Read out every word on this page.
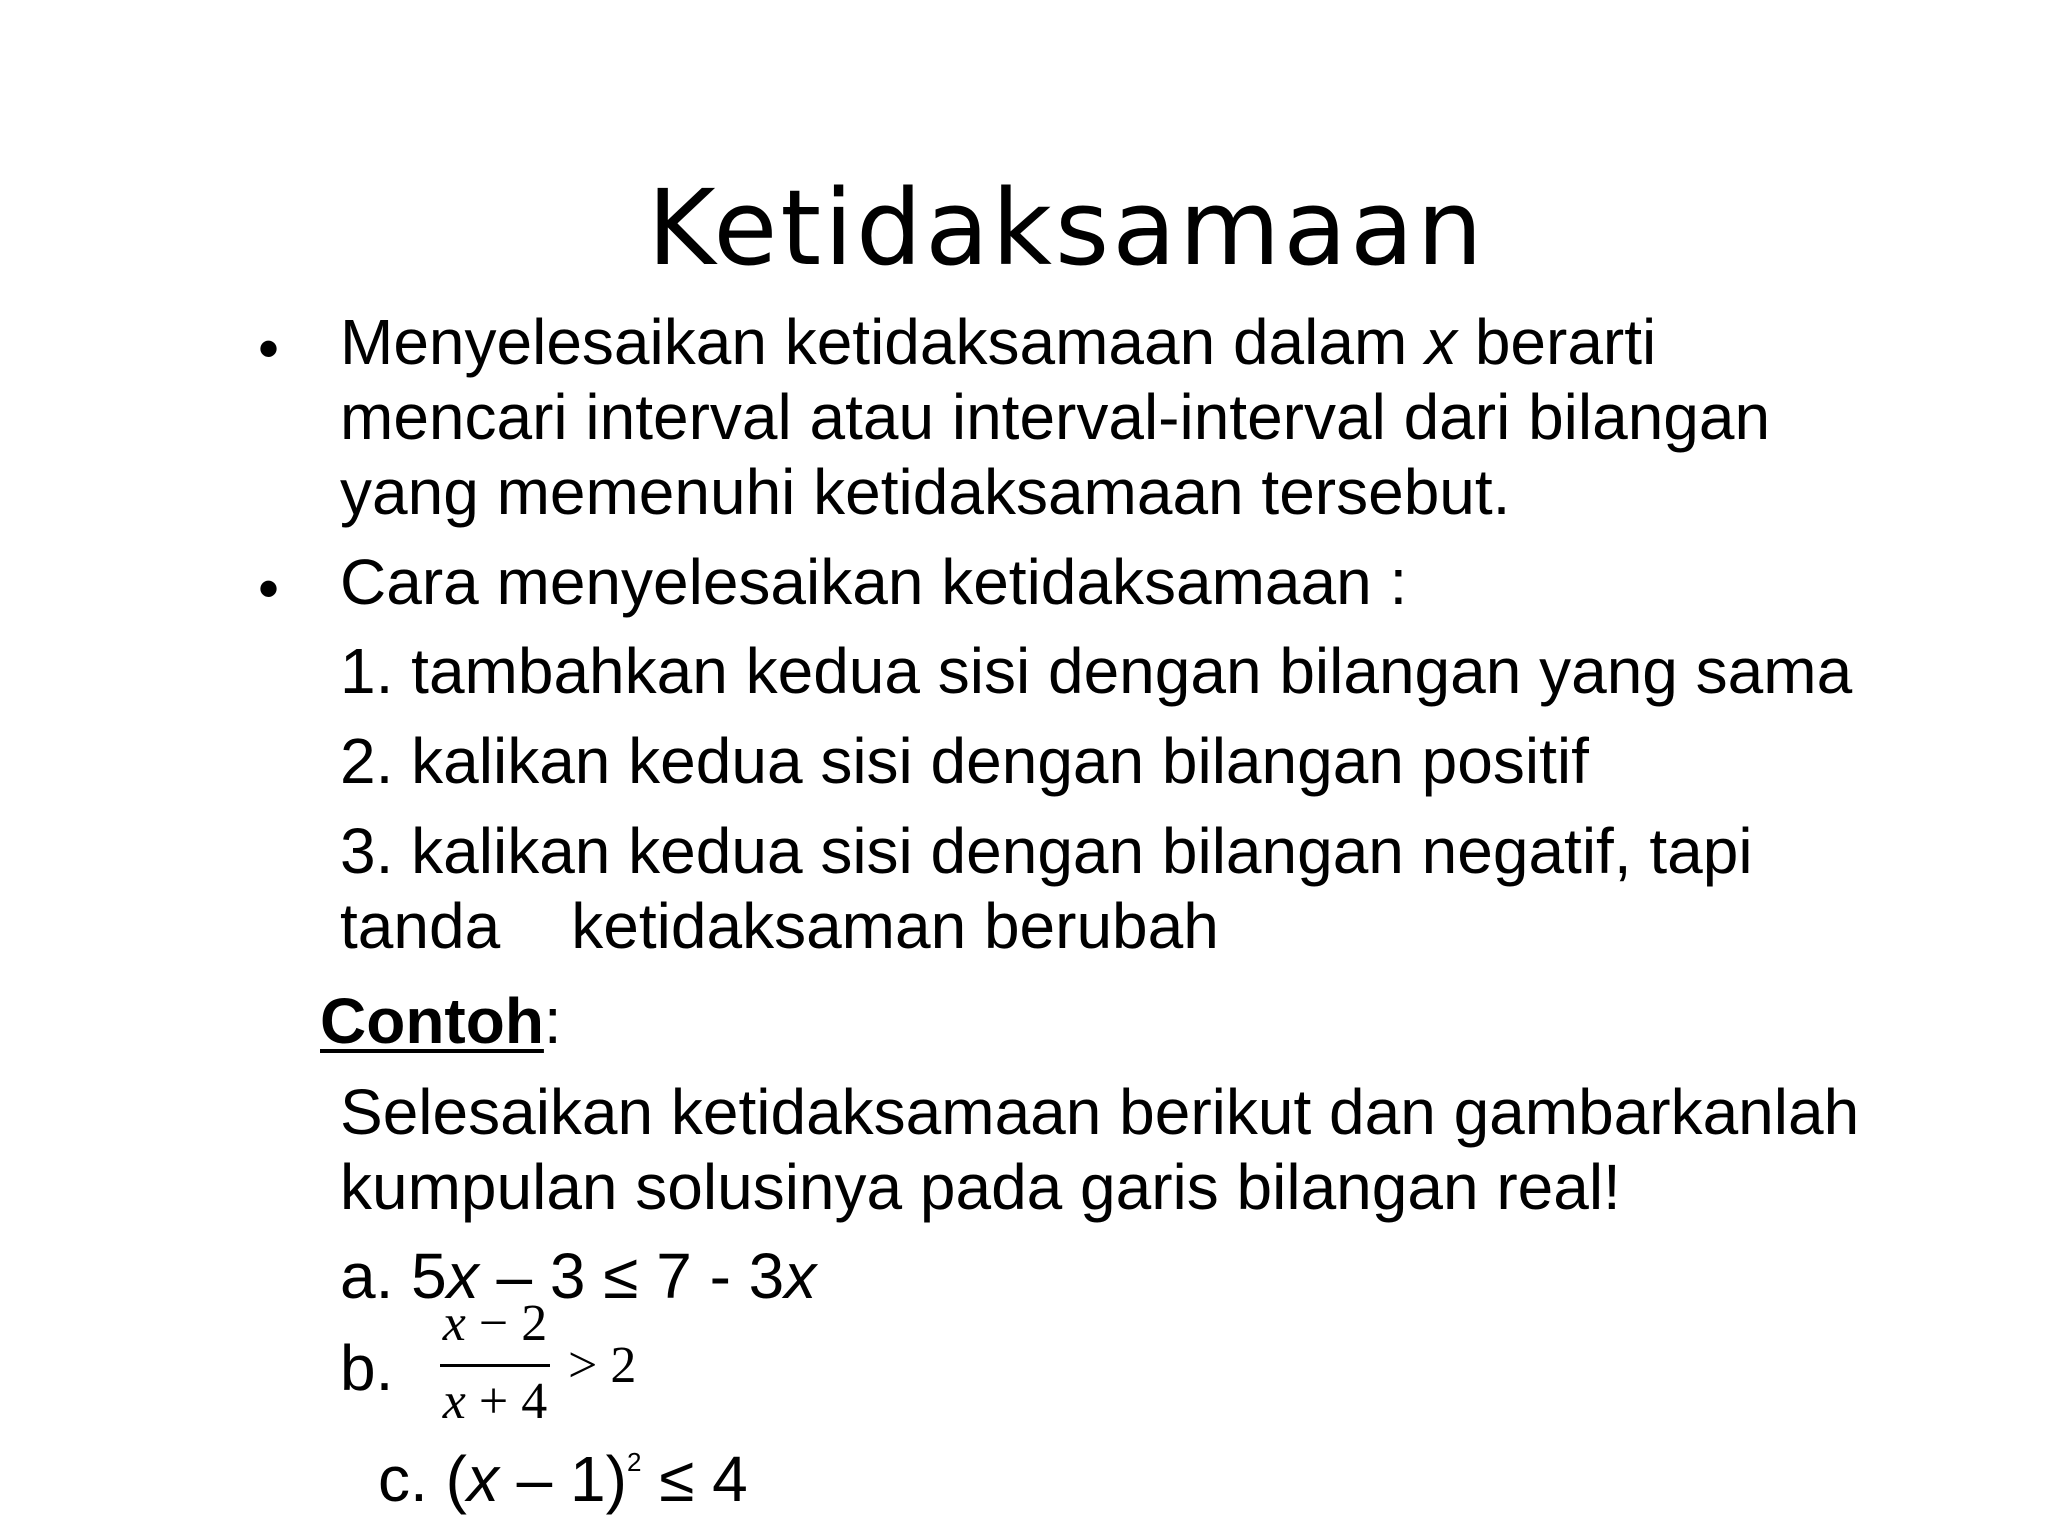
Ketidaksamaan
• Menyelesaikan ketidaksamaan dalam x berarti
mencari interval atau interval-interval dari bilangan
yang memenuhi ketidaksamaan tersebut.
• Cara menyelesaikan ketidaksamaan :
1. tambahkan kedua sisi dengan bilangan yang sama
2. kalikan kedua sisi dengan bilangan positif
3. kalikan kedua sisi dengan bilangan negatif, tapi
tanda    ketidaksaman berubah
Contoh:
Selesaikan ketidaksamaan berikut dan gambarkanlah
kumpulan solusinya pada garis bilangan real!
a. 5x – 3 ≤ 7 - 3x
b.
x − 2
x + 4
> 2
c. (x – 1)$^2$ ≤ 4
